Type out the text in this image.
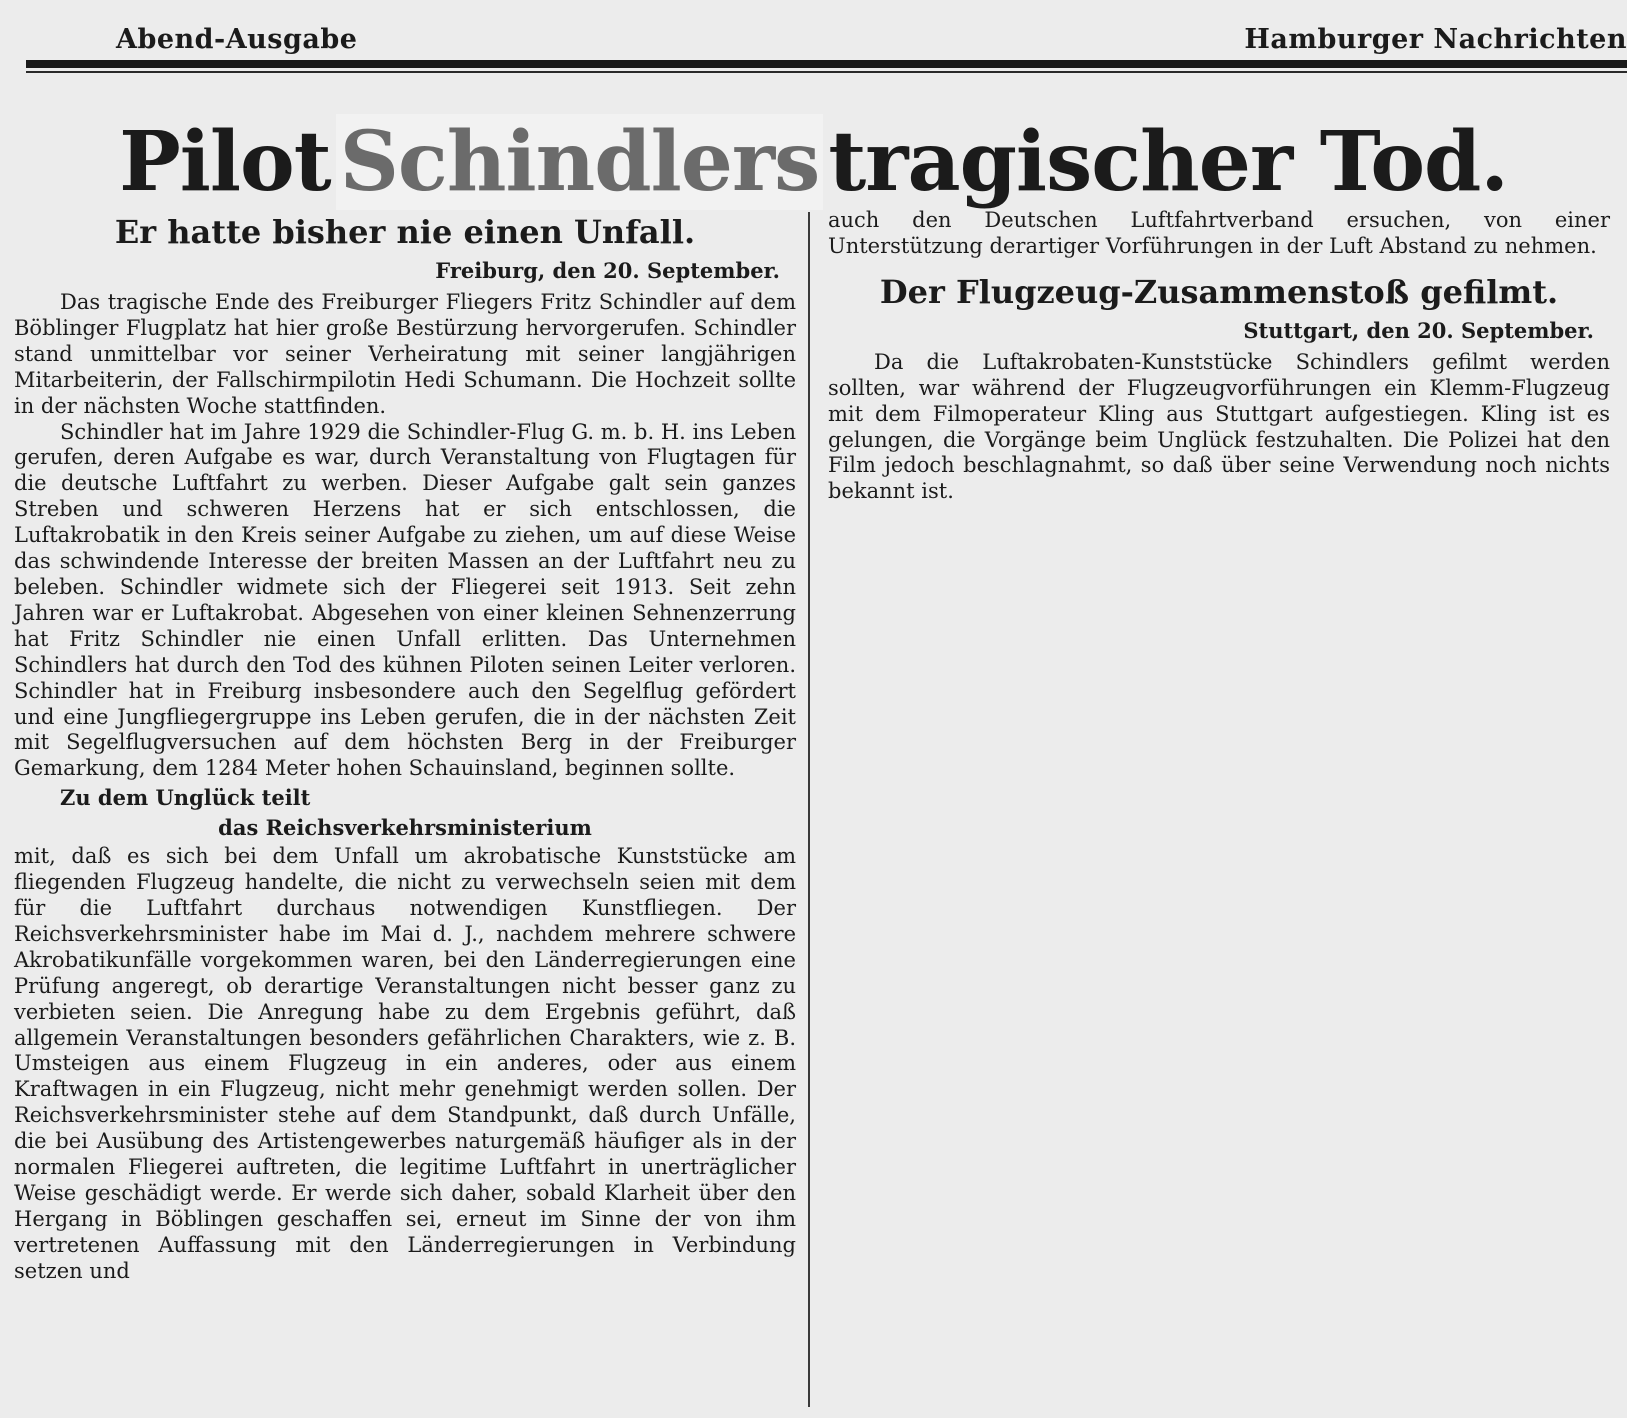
Abend-Ausgabe	Hamburger Nachrichten
Pilot Schindlers tragischer Tod.
Er hatte bisher nie einen Unfall.
Freiburg, den 20. September.

Das tragische Ende des Freiburger Fliegers Fritz Schindler auf dem Böblinger Flugplatz hat hier große Bestürzung hervorgerufen. Schindler stand unmittelbar vor seiner Verheiratung mit seiner langjährigen Mitarbeiterin, der Fallschirmpilotin Hedi Schumann. Die Hochzeit sollte in der nächsten Woche stattfinden.

Schindler hat im Jahre 1929 die Schindler-Flug G. m. b. H. ins Leben gerufen, deren Aufgabe es war, durch Veranstaltung von Flugtagen für die deutsche Luftfahrt zu werben. Dieser Aufgabe galt sein ganzes Streben und schweren Herzens hat er sich entschlossen, die Luftakrobatik in den Kreis seiner Aufgabe zu ziehen, um auf diese Weise das schwindende Interesse der breiten Massen an der Luftfahrt neu zu beleben. Schindler widmete sich der Fliegerei seit 1913. Seit zehn Jahren war er Luftakrobat. Abgesehen von einer kleinen Sehnenzerrung hat Fritz Schindler nie einen Unfall erlitten. Das Unternehmen Schindlers hat durch den Tod des kühnen Piloten seinen Leiter verloren. Schindler hat in Freiburg insbesondere auch den Segelflug gefördert und eine Jungfliegergruppe ins Leben gerufen, die in der nächsten Zeit mit Segelflugversuchen auf dem höchsten Berg in der Freiburger Gemarkung, dem 1284 Meter hohen Schauinsland, beginnen sollte.

Zu dem Unglück teilt
das Reichsverkehrsministerium

mit, daß es sich bei dem Unfall um akrobatische Kunststücke am fliegenden Flugzeug handelte, die nicht zu verwechseln seien mit dem für die Luftfahrt durchaus notwendigen Kunstfliegen. Der Reichsverkehrsminister habe im Mai d. J., nachdem mehrere schwere Akrobatikunfälle vorgekommen waren, bei den Länderregierungen eine Prüfung angeregt, ob derartige Veranstaltungen nicht besser ganz zu verbieten seien. Die Anregung habe zu dem Ergebnis geführt, daß allgemein Veranstaltungen besonders gefährlichen Charakters, wie z. B. Umsteigen aus einem Flugzeug in ein anderes, oder aus einem Kraftwagen in ein Flugzeug, nicht mehr genehmigt werden sollen. Der Reichsverkehrsminister stehe auf dem Standpunkt, daß durch Unfälle, die bei Ausübung des Artistengewerbes naturgemäß häufiger als in der normalen Fliegerei auftreten, die legitime Luftfahrt in unerträglicher Weise geschädigt werde. Er werde sich daher, sobald Klarheit über den Hergang in Böblingen geschaffen sei, erneut im Sinne der von ihm vertretenen Auffassung mit den Länderregierungen in Verbindung setzen und

auch den Deutschen Luftfahrtverband ersuchen, von einer Unterstützung derartiger Vorführungen in der Luft Abstand zu nehmen.

Der Flugzeug-Zusammenstoß gefilmt.
Stuttgart, den 20. September.

Da die Luftakrobaten-Kunststücke Schindlers gefilmt werden sollten, war während der Flugzeugvorführungen ein Klemm-Flugzeug mit dem Filmoperateur Kling aus Stuttgart aufgestiegen. Kling ist es gelungen, die Vorgänge beim Unglück festzuhalten. Die Polizei hat den Film jedoch beschlagnahmt, so daß über seine Verwendung noch nichts bekannt ist.
